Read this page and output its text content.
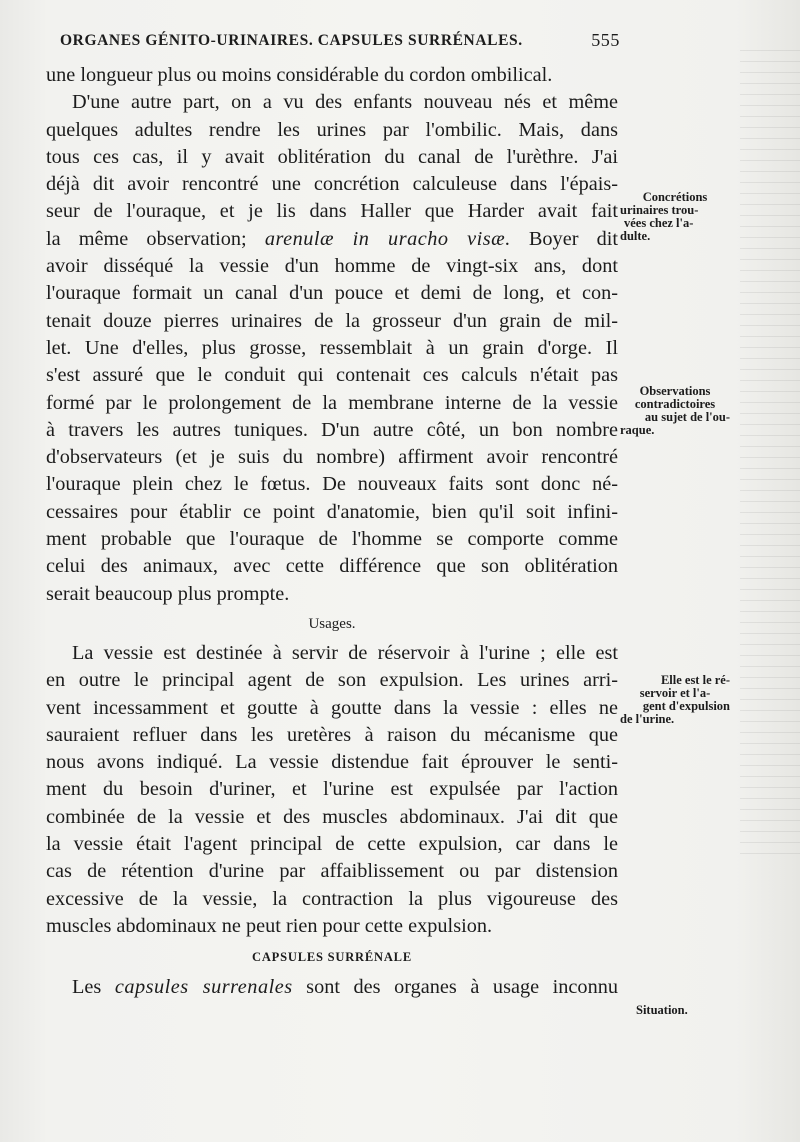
ORGANES GÉNITO-URINAIRES. CAPSULES SURRÉNALES.	555
une longueur plus ou moins considérable du cordon ombilical.
D'une autre part, on a vu des enfants nouveau nés et même
quelques adultes rendre les urines par l'ombilic. Mais, dans
tous ces cas, il y avait oblitération du canal de l'urèthre. J'ai
déjà dit avoir rencontré une concrétion calculeuse dans l'épais-
seur de l'ouraque, et je lis dans Haller que Harder avait fait
la même observation; arenulæ in uracho visæ. Boyer dit
avoir disséqué la vessie d'un homme de vingt-six ans, dont
l'ouraque formait un canal d'un pouce et demi de long, et con-
tenait douze pierres urinaires de la grosseur d'un grain de mil-
let. Une d'elles, plus grosse, ressemblait à un grain d'orge. Il
s'est assuré que le conduit qui contenait ces calculs n'était pas
formé par le prolongement de la membrane interne de la vessie
à travers les autres tuniques. D'un autre côté, un bon nombre
d'observateurs (et je suis du nombre) affirment avoir rencontré
l'ouraque plein chez le fœtus. De nouveaux faits sont donc né-
cessaires pour établir ce point d'anatomie, bien qu'il soit infini-
ment probable que l'ouraque de l'homme se comporte comme
celui des animaux, avec cette différence que son oblitération
serait beaucoup plus prompte.
Usages.
La vessie est destinée à servir de réservoir à l'urine ; elle est
en outre le principal agent de son expulsion. Les urines arri-
vent incessamment et goutte à goutte dans la vessie : elles ne
sauraient refluer dans les uretères à raison du mécanisme que
nous avons indiqué. La vessie distendue fait éprouver le senti-
ment du besoin d'uriner, et l'urine est expulsée par l'action
combinée de la vessie et des muscles abdominaux. J'ai dit que
la vessie était l'agent principal de cette expulsion, car dans le
cas de rétention d'urine par affaiblissement ou par distension
excessive de la vessie, la contraction la plus vigoureuse des
muscles abdominaux ne peut rien pour cette expulsion.
CAPSULES SURRÉNALE
Les capsules surrenales sont des organes à usage inconnu
Concrétions
urinaires trou-
vées chez l'a-
dulte.
Observations
contradictoires
au sujet de l'ou-
raque.
Elle est le ré-
servoir et l'a-
gent d'expulsion
de l'urine.
Situation.
